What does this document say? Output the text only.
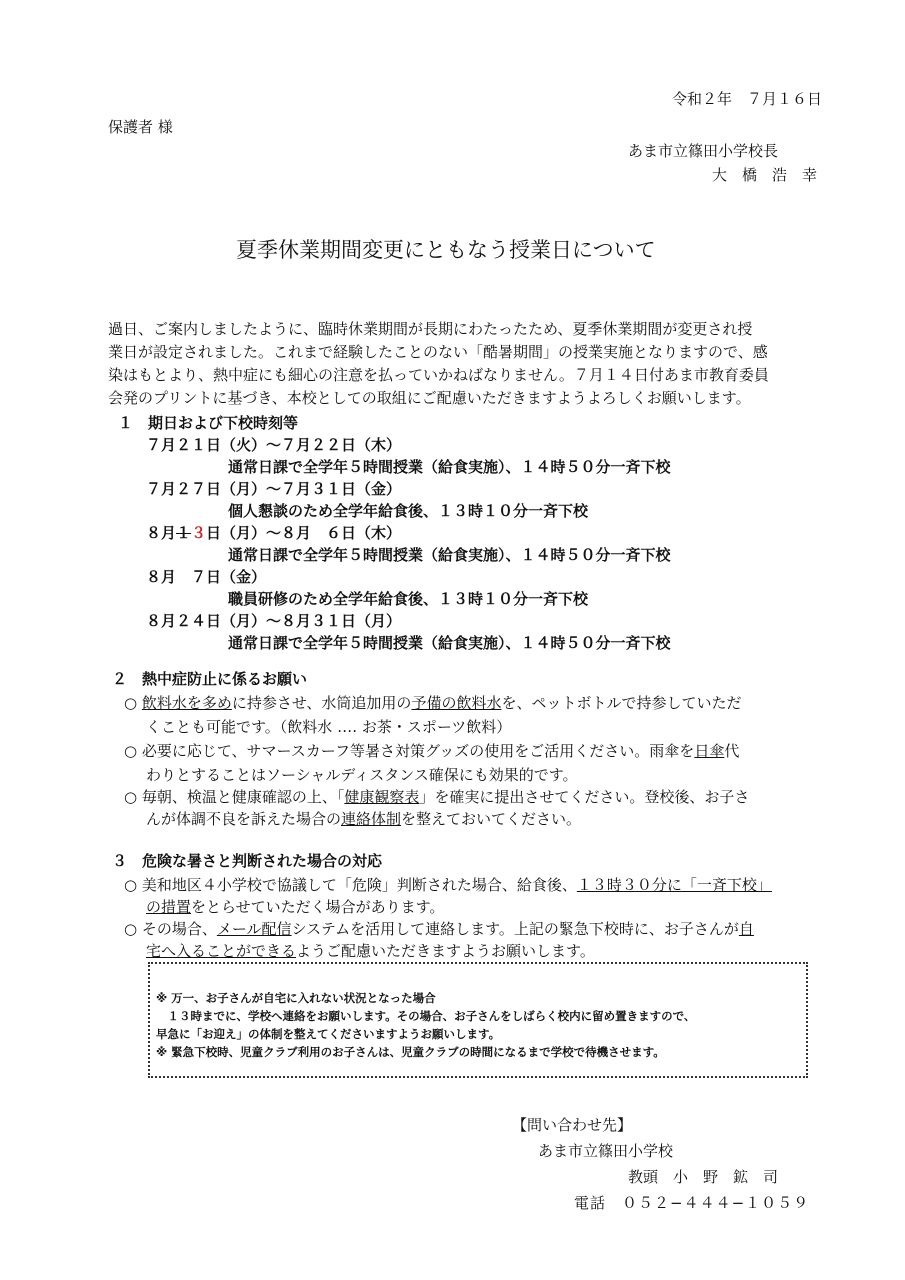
令和２年　７月１６日
保護者 様
あま市立篠田小学校長
大　橋　浩　幸
夏季休業期間変更にともなう授業日について
過日、ご案内しましたように、臨時休業期間が長期にわたったため、夏季休業期間が変更され授
業日が設定されました。これまで経験したことのない「酷暑期間」の授業実施となりますので、感
染はもとより、熱中症にも細心の注意を払っていかねばなりません。７月１４日付あま市教育委員
会発のプリントに基づき、本校としての取組にご配慮いただきますようよろしくお願いします。
１　期日および下校時刻等
７月２１日（火）〜７月２２日（木）
通常日課で全学年５時間授業（給食実施）、１４時５０分一斉下校
７月２７日（月）〜７月３１日（金）
個人懇談のため全学年給食後、１３時１０分一斉下校
８月１３日（月）〜８月　６日（木）
通常日課で全学年５時間授業（給食実施）、１４時５０分一斉下校
８月　７日（金）
職員研修のため全学年給食後、１３時１０分一斉下校
８月２４日（月）〜８月３１日（月）
通常日課で全学年５時間授業（給食実施）、１４時５０分一斉下校
２　熱中症防止に係るお願い
○ 飲料水を多めに持参させ、水筒追加用の予備の飲料水を、ペットボトルで持参していただ
くことも可能です。（飲料水 ‥‥ お茶・スポーツ飲料）
○ 必要に応じて、サマースカーフ等暑さ対策グッズの使用をご活用ください。雨傘を日傘代
わりとすることはソーシャルディスタンス確保にも効果的です。
○ 毎朝、検温と健康確認の上、「健康観察表」を確実に提出させてください。登校後、お子さ
んが体調不良を訴えた場合の連絡体制を整えておいてください。
３　危険な暑さと判断された場合の対応
○ 美和地区４小学校で協議して「危険」判断された場合、給食後、１３時３０分に「一斉下校」
の措置をとらせていただく場合があります。
○ その場合、メール配信システムを活用して連絡します。上記の緊急下校時に、お子さんが自
宅へ入ることができるようご配慮いただきますようお願いします。
※ 万一、お子さんが自宅に入れない状況となった場合
　１３時までに、学校へ連絡をお願いします。その場合、お子さんをしばらく校内に留め置きますので、
早急に「お迎え」の体制を整えてくださいますようお願いします。
※ 緊急下校時、児童クラブ利用のお子さんは、児童クラブの時間になるまで学校で待機させます。
【問い合わせ先】
あま市立篠田小学校
教頭　小　野　鉱　司
電話　０５２−４４４−１０５９
